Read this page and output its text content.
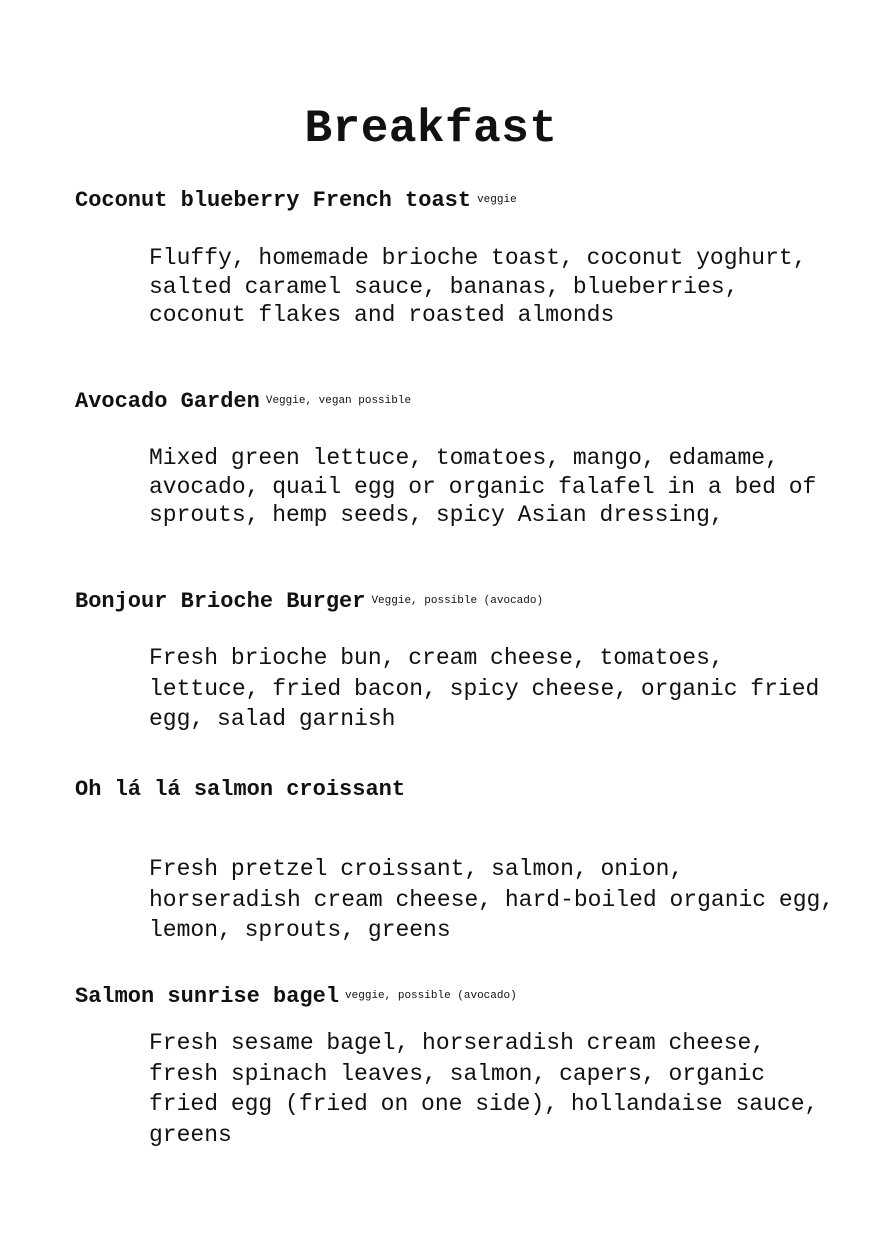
Breakfast
Coconut blueberry French toast veggie

Fluffy, homemade brioche toast, coconut yoghurt, salted caramel sauce, bananas, blueberries, coconut flakes and roasted almonds

Avocado Garden Veggie, vegan possible

Mixed green lettuce, tomatoes, mango, edamame, avocado, quail egg or organic falafel in a bed of sprouts, hemp seeds, spicy Asian dressing,

Bonjour Brioche Burger Veggie, possible (avocado)

Fresh brioche bun, cream cheese, tomatoes, lettuce, fried bacon, spicy cheese, organic fried egg, salad garnish

Oh lá lá salmon croissant

Fresh pretzel croissant, salmon, onion, horseradish cream cheese, hard-boiled organic egg, lemon, sprouts, greens

Salmon sunrise bagel veggie, possible (avocado)

Fresh sesame bagel, horseradish cream cheese, fresh spinach leaves, salmon, capers, organic fried egg (fried on one side), hollandaise sauce, greens
